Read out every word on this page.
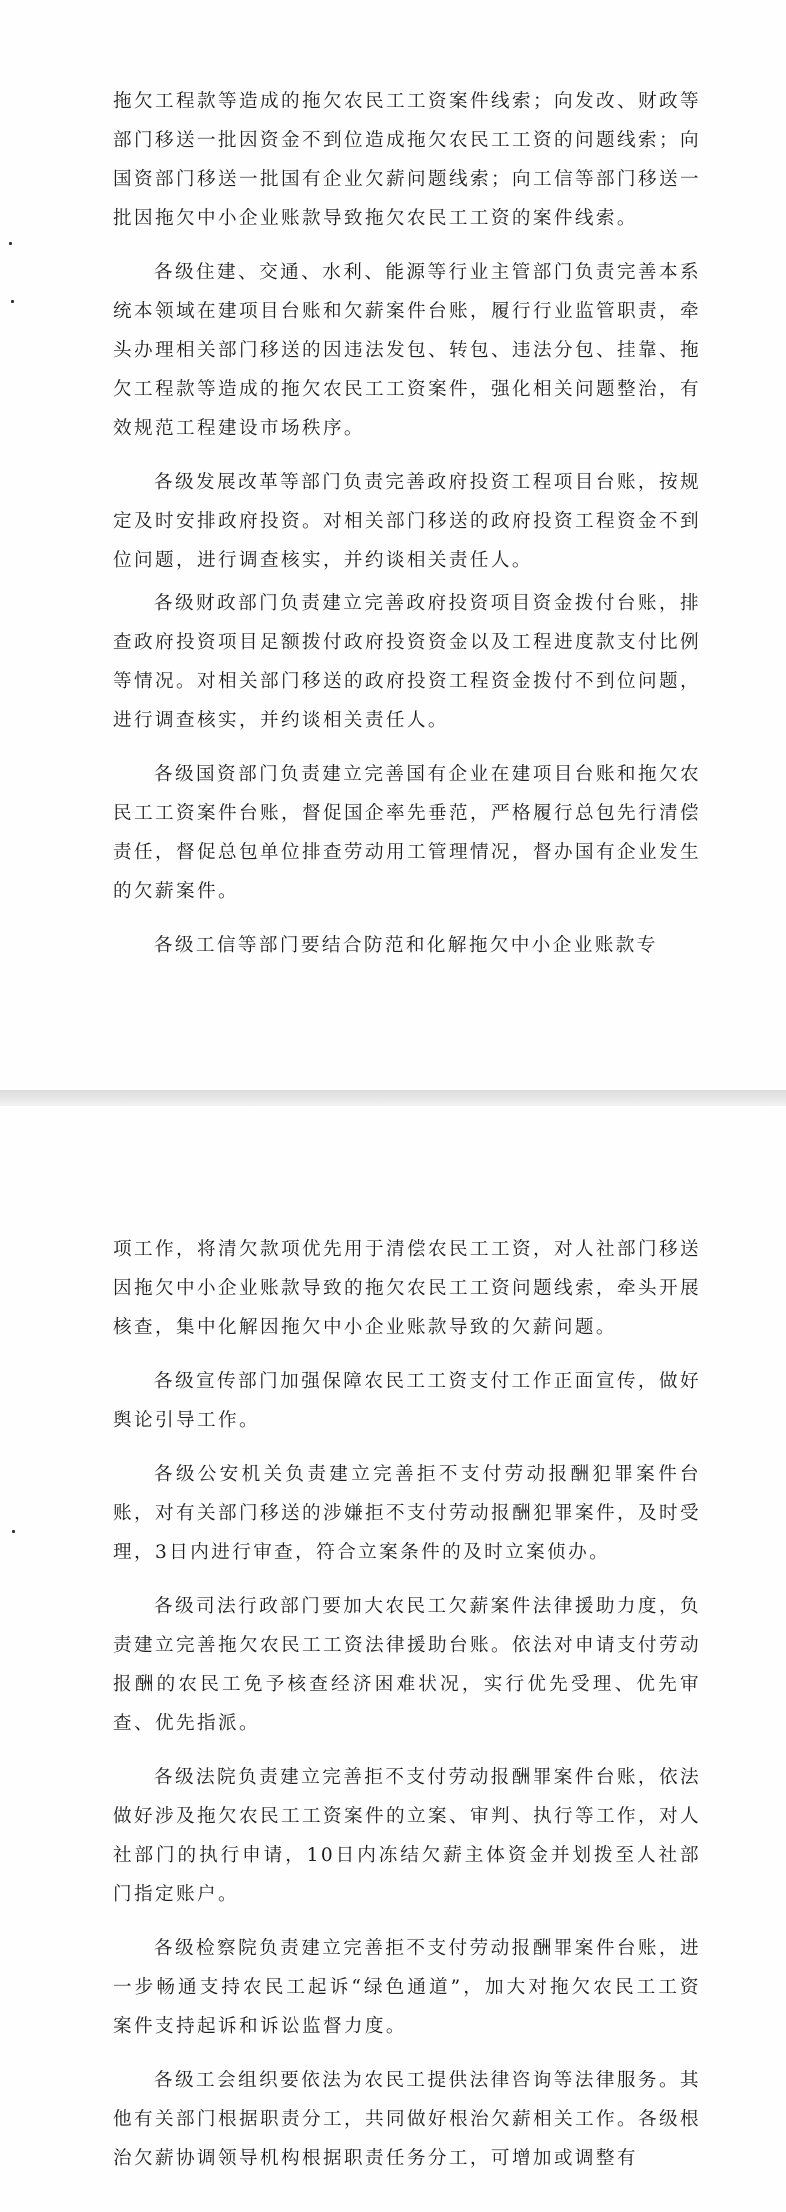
拖欠工程款等造成的拖欠农民工工资案件线索；向发改、财政等部门移送一批因资金不到位造成拖欠农民工工资的问题线索；向国资部门移送一批国有企业欠薪问题线索；向工信等部门移送一批因拖欠中小企业账款导致拖欠农民工工资的案件线索。

各级住建、交通、水利、能源等行业主管部门负责完善本系统本领域在建项目台账和欠薪案件台账，履行行业监管职责，牵头办理相关部门移送的因违法发包、转包、违法分包、挂靠、拖欠工程款等造成的拖欠农民工工资案件，强化相关问题整治，有效规范工程建设市场秩序。

各级发展改革等部门负责完善政府投资工程项目台账，按规定及时安排政府投资。对相关部门移送的政府投资工程资金不到位问题，进行调查核实，并约谈相关责任人。

各级财政部门负责建立完善政府投资项目资金拨付台账，排查政府投资项目足额拨付政府投资资金以及工程进度款支付比例等情况。对相关部门移送的政府投资工程资金拨付不到位问题，进行调查核实，并约谈相关责任人。

各级国资部门负责建立完善国有企业在建项目台账和拖欠农民工工资案件台账，督促国企率先垂范，严格履行总包先行清偿责任，督促总包单位排查劳动用工管理情况，督办国有企业发生的欠薪案件。

各级工信等部门要结合防范和化解拖欠中小企业账款专

项工作，将清欠款项优先用于清偿农民工工资，对人社部门移送因拖欠中小企业账款导致的拖欠农民工工资问题线索，牵头开展核查，集中化解因拖欠中小企业账款导致的欠薪问题。

各级宣传部门加强保障农民工工资支付工作正面宣传，做好舆论引导工作。

各级公安机关负责建立完善拒不支付劳动报酬犯罪案件台账，对有关部门移送的涉嫌拒不支付劳动报酬犯罪案件，及时受理，3日内进行审查，符合立案条件的及时立案侦办。

各级司法行政部门要加大农民工欠薪案件法律援助力度，负责建立完善拖欠农民工工资法律援助台账。依法对申请支付劳动报酬的农民工免予核查经济困难状况，实行优先受理、优先审查、优先指派。

各级法院负责建立完善拒不支付劳动报酬罪案件台账，依法做好涉及拖欠农民工工资案件的立案、审判、执行等工作，对人社部门的执行申请，10日内冻结欠薪主体资金并划拨至人社部门指定账户。

各级检察院负责建立完善拒不支付劳动报酬罪案件台账，进一步畅通支持农民工起诉“绿色通道”，加大对拖欠农民工工资案件支持起诉和诉讼监督力度。

各级工会组织要依法为农民工提供法律咨询等法律服务。其他有关部门根据职责分工，共同做好根治欠薪相关工作。各级根治欠薪协调领导机构根据职责任务分工，可增加或调整有
